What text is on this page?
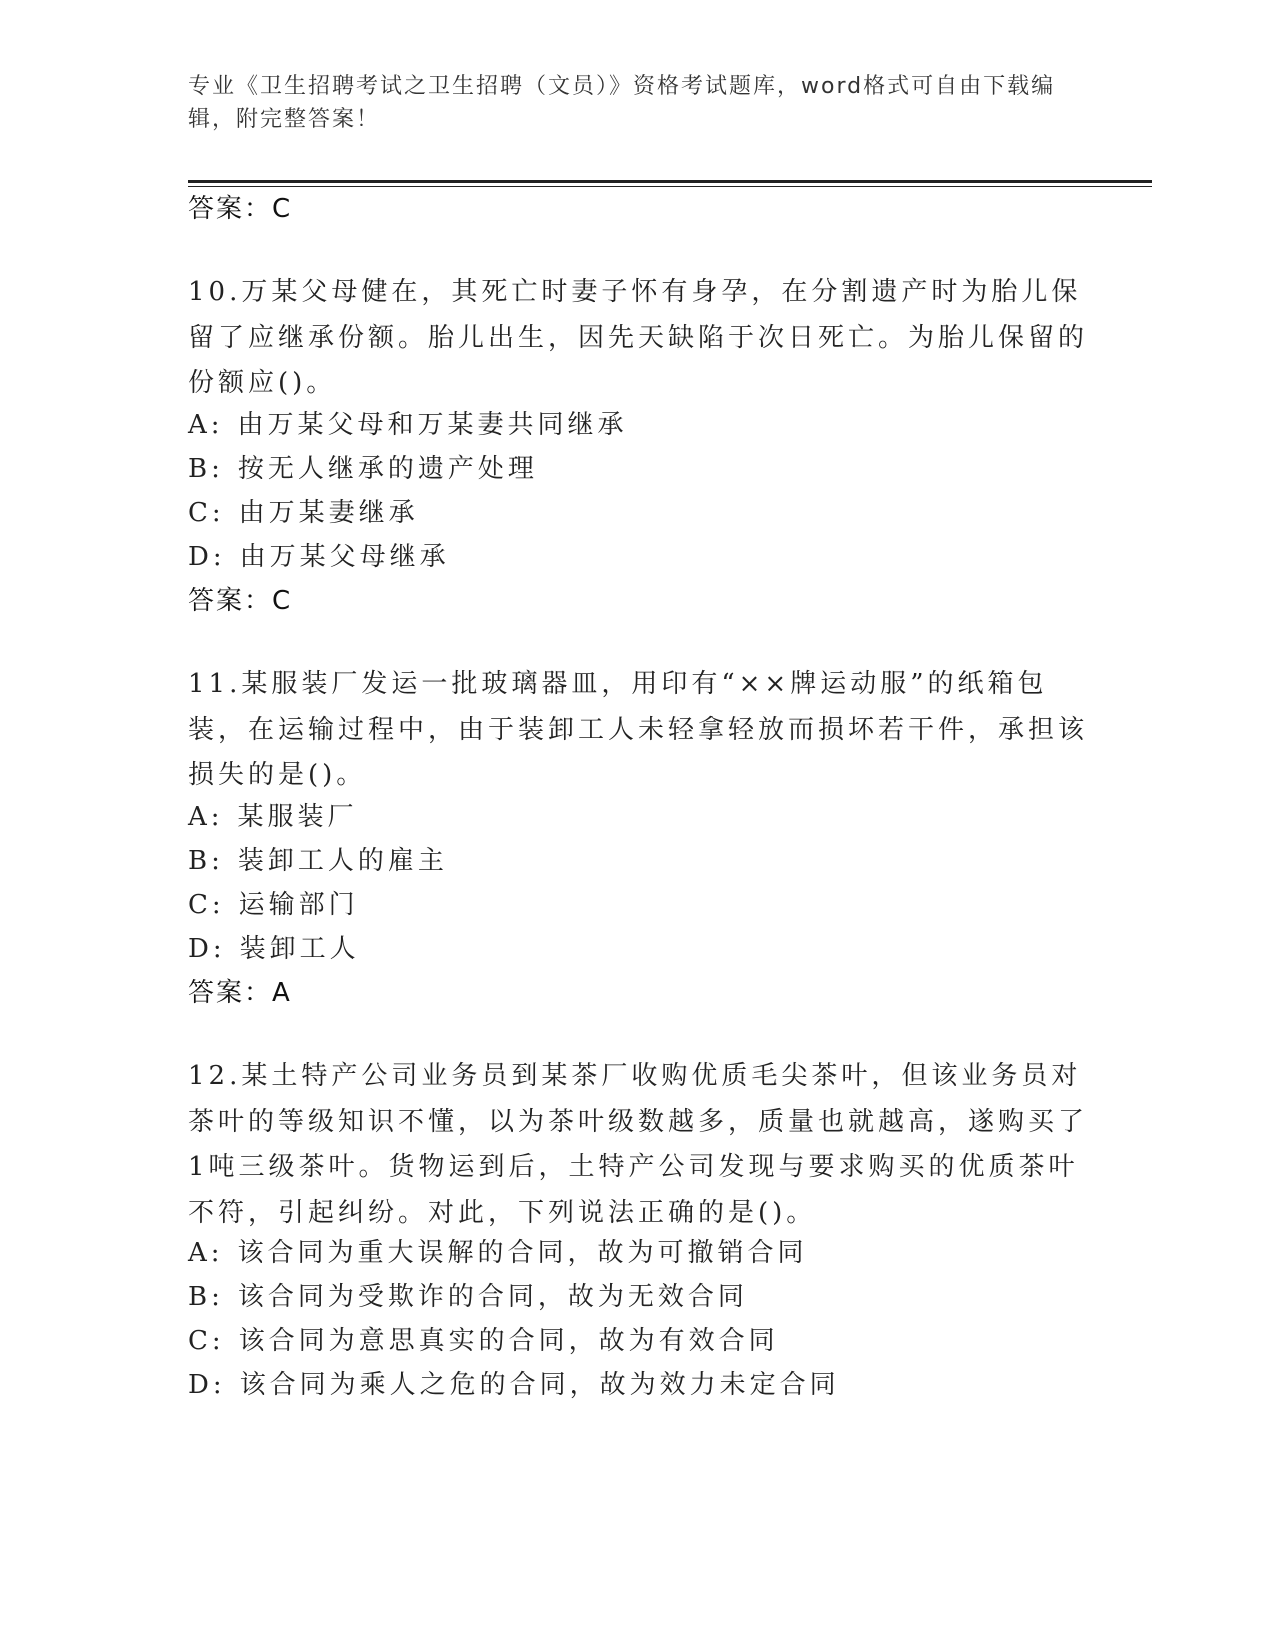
专业《卫生招聘考试之卫生招聘（文员）》资格考试题库，word格式可自由下载编辑，附完整答案！
答案：C
10.万某父母健在，其死亡时妻子怀有身孕，在分割遗产时为胎儿保留了应继承份额。胎儿出生，因先天缺陷于次日死亡。为胎儿保留的份额应()。
A: 由万某父母和万某妻共同继承
B: 按无人继承的遗产处理
C: 由万某妻继承
D: 由万某父母继承
答案：C
11.某服装厂发运一批玻璃器皿，用印有“××牌运动服”的纸箱包装，在运输过程中，由于装卸工人未轻拿轻放而损坏若干件，承担该损失的是()。
A: 某服装厂
B: 装卸工人的雇主
C: 运输部门
D: 装卸工人
答案：A
12.某土特产公司业务员到某茶厂收购优质毛尖茶叶，但该业务员对茶叶的等级知识不懂，以为茶叶级数越多，质量也就越高，遂购买了1吨三级茶叶。货物运到后，土特产公司发现与要求购买的优质茶叶不符，引起纠纷。对此，下列说法正确的是()。
A: 该合同为重大误解的合同，故为可撤销合同
B: 该合同为受欺诈的合同，故为无效合同
C: 该合同为意思真实的合同，故为有效合同
D: 该合同为乘人之危的合同，故为效力未定合同
